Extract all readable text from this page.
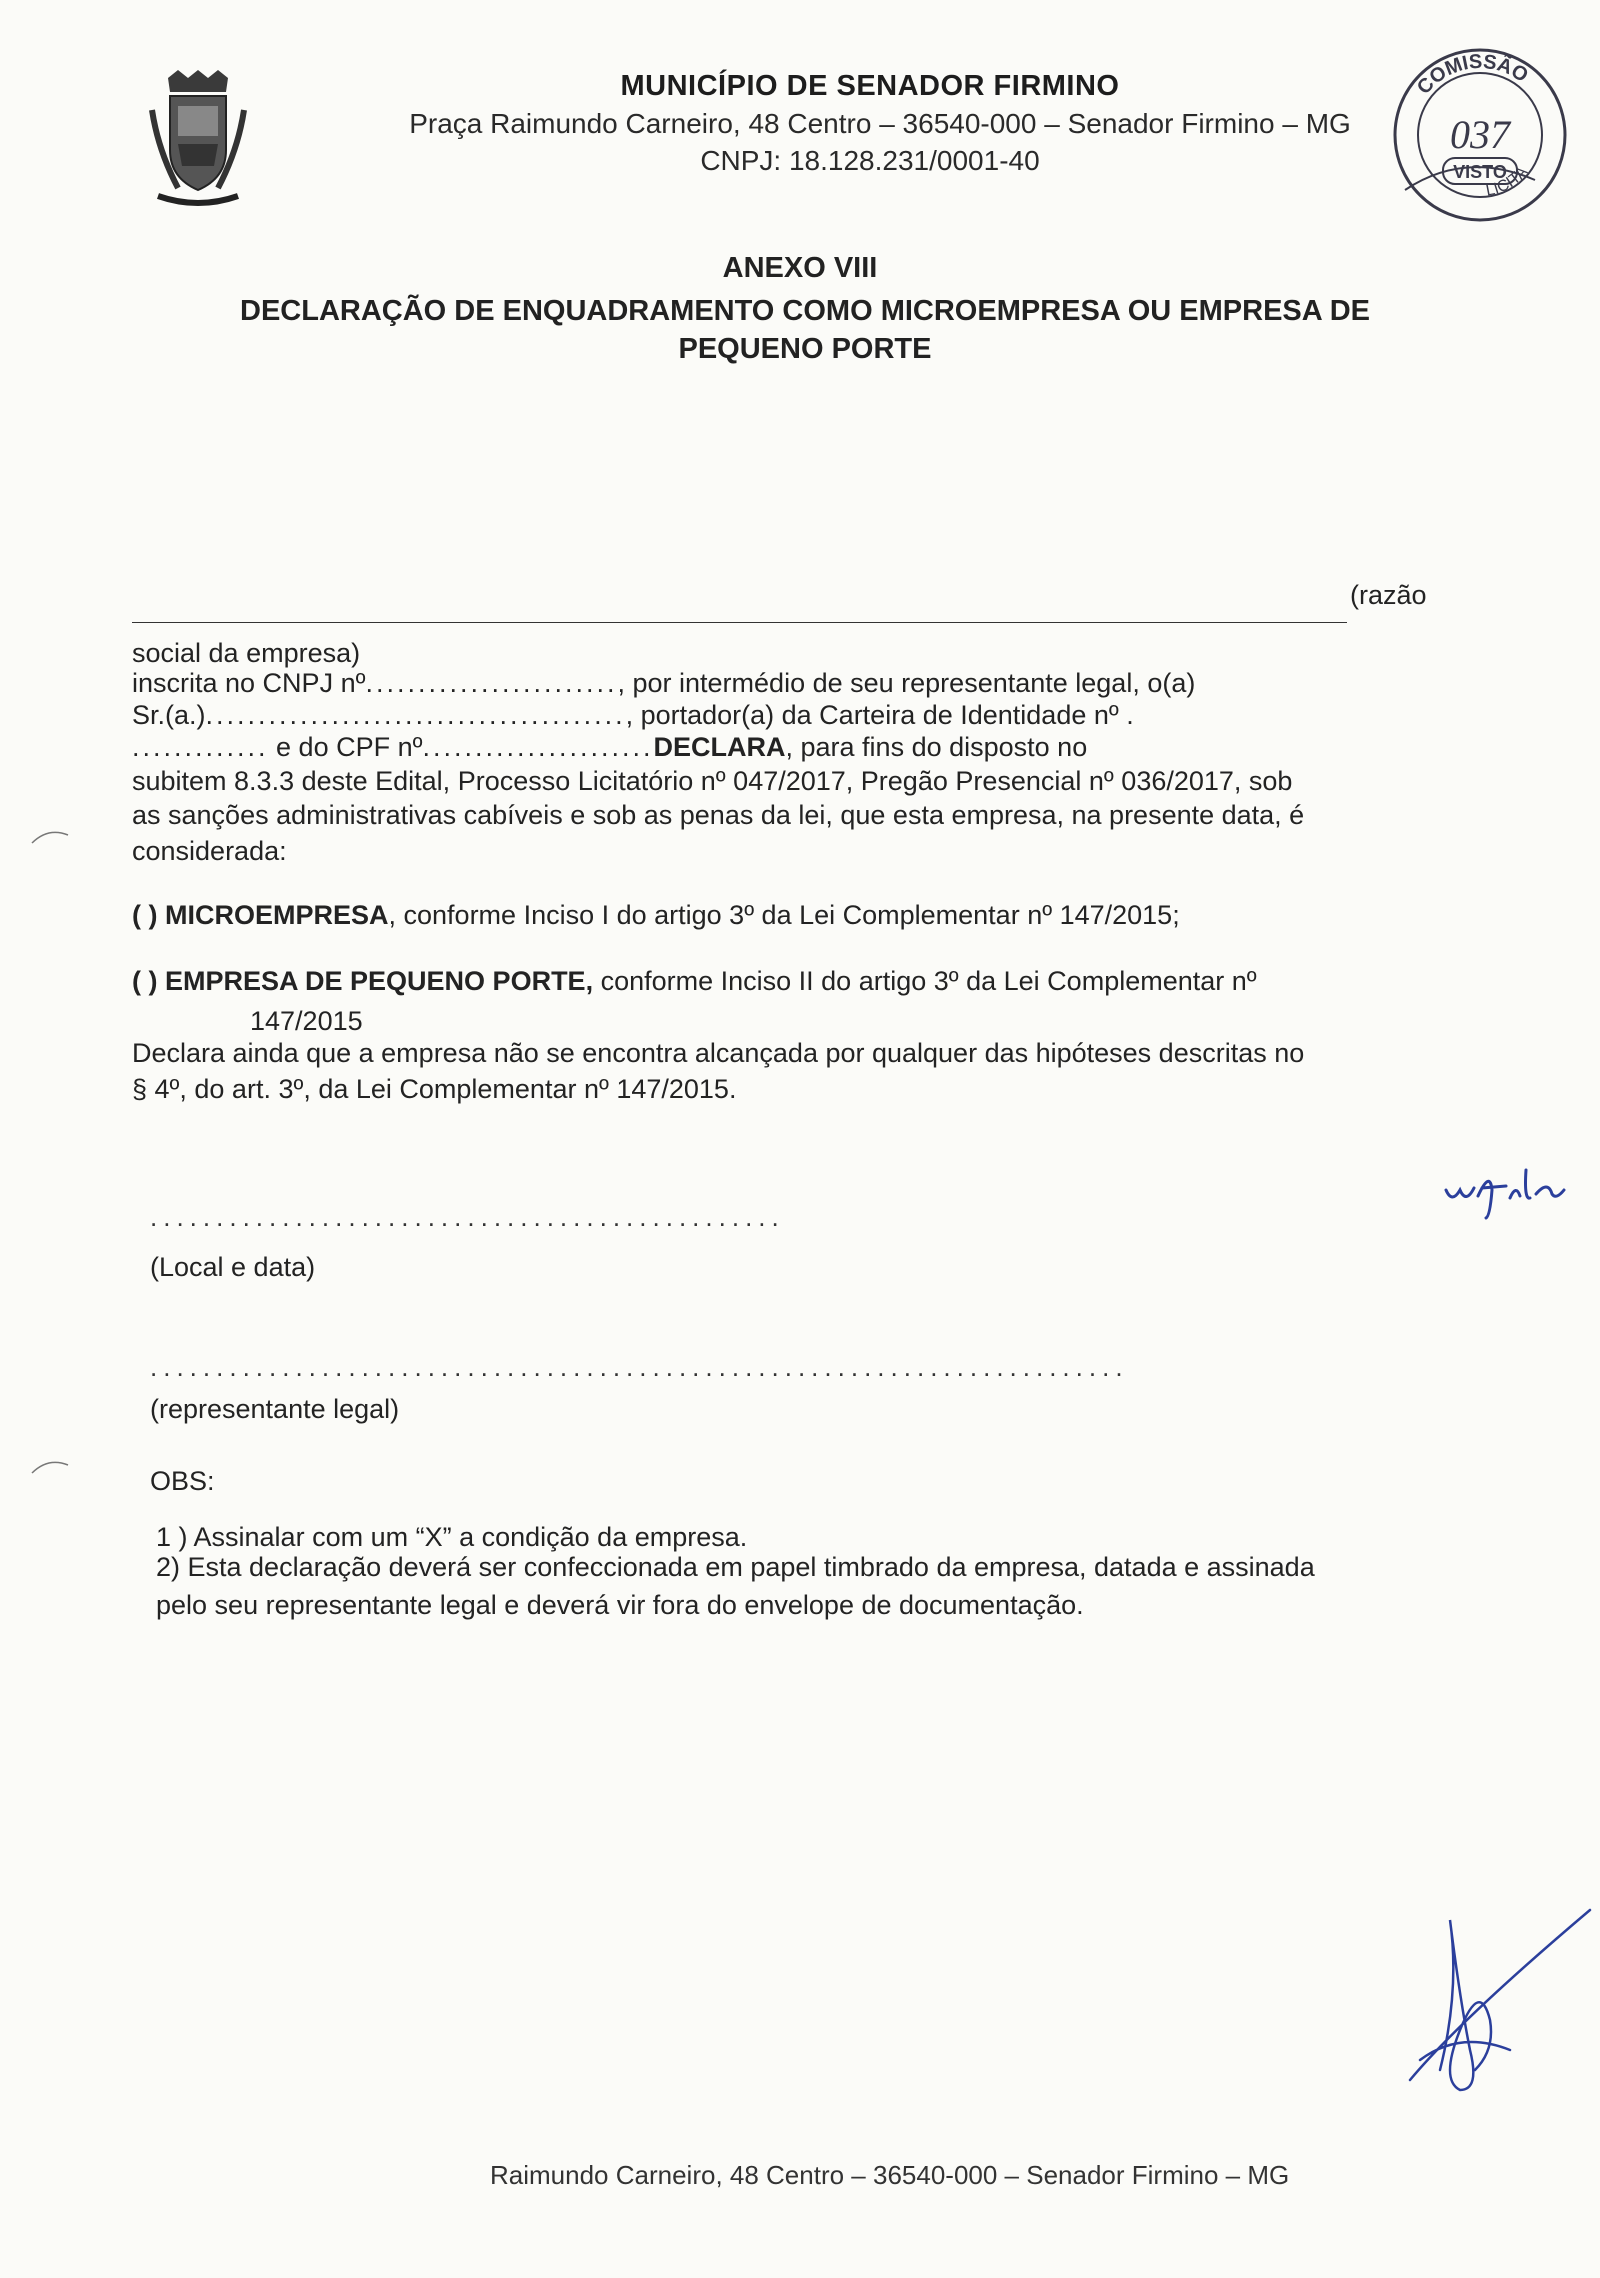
MUNICÍPIO DE SENADOR FIRMINO
Praça Raimundo Carneiro, 48 Centro – 36540-000 – Senador Firmino – MG
CNPJ: 18.128.231/0001-40
COMISSÃO
037
VISTO
LICITA
ANEXO VIII
DECLARAÇÃO DE ENQUADRAMENTO COMO MICROEMPRESA OU EMPRESA DE
PEQUENO PORTE
(razão
social da empresa)
inscrita no CNPJ nº........................, por intermédio de seu representante legal, o(a)
Sr.(a.)........................................, portador(a) da Carteira de Identidade nº .
............. e do CPF nº......................DECLARA, para fins do disposto no
subitem 8.3.3 deste Edital, Processo Licitatório nº 047/2017, Pregão Presencial nº 036/2017, sob
as sanções administrativas cabíveis e sob as penas da lei, que esta empresa, na presente data, é
considerada:
( ) MICROEMPRESA, conforme Inciso I do artigo 3º da Lei Complementar nº 147/2015;
( ) EMPRESA DE PEQUENO PORTE, conforme Inciso II do artigo 3º da Lei Complementar nº
147/2015
Declara ainda que a empresa não se encontra alcançada por qualquer das hipóteses descritas no
§ 4º, do art. 3º, da Lei Complementar nº 147/2015.
................................................
(Local e data)
..........................................................................
(representante legal)
OBS:
1 ) Assinalar com um “X” a condição da empresa.
2) Esta declaração deverá ser confeccionada em papel timbrado da empresa, datada e assinada
pelo seu representante legal e deverá vir fora do envelope de documentação.
Raimundo Carneiro, 48 Centro – 36540-000 – Senador Firmino – MG
